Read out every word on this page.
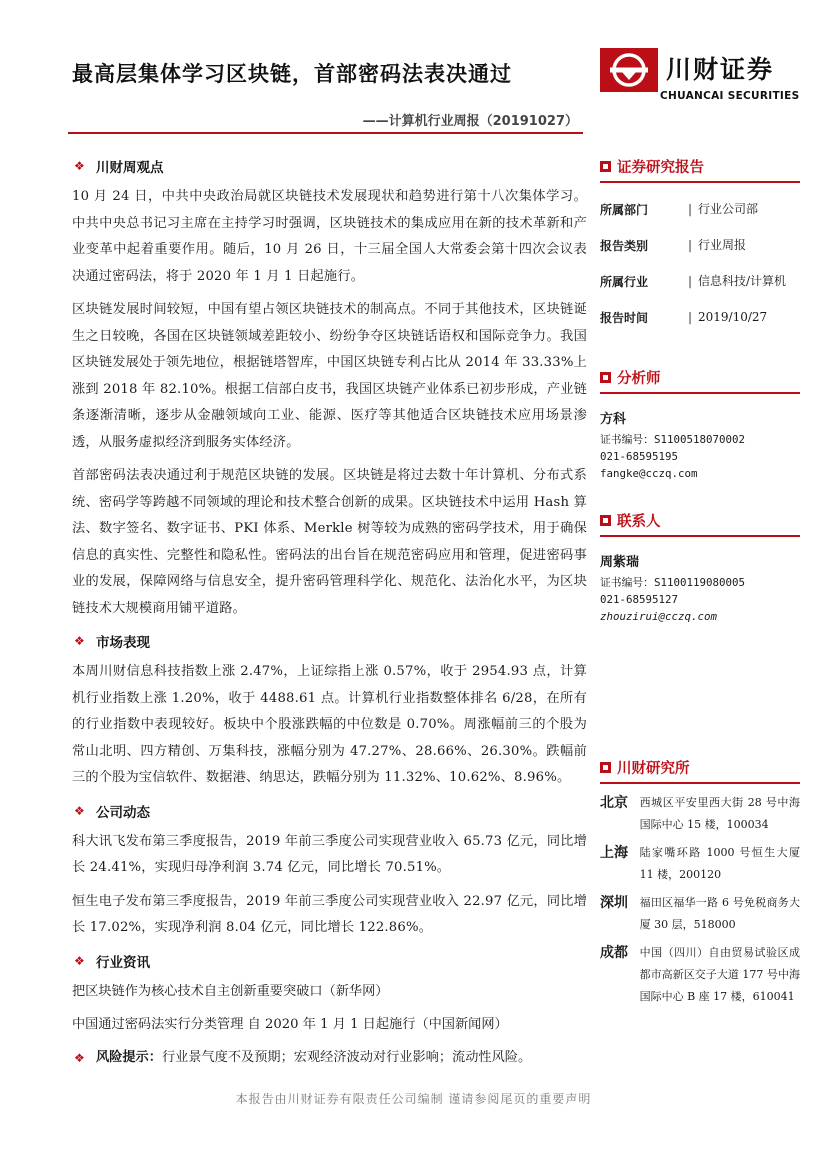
最高层集体学习区块链，首部密码法表决通过
——计算机行业周报（20191027）
川财证券
CHUANCAI SECURITIES
❖ 川财周观点

10 月 24 日，中共中央政治局就区块链技术发展现状和趋势进行第十八次集体学习。中共中央总书记习主席在主持学习时强调，区块链技术的集成应用在新的技术革新和产业变革中起着重要作用。随后，10 月 26 日，十三届全国人大常委会第十四次会议表决通过密码法，将于 2020 年 1 月 1 日起施行。

区块链发展时间较短，中国有望占领区块链技术的制高点。不同于其他技术，区块链诞生之日较晚，各国在区块链领域差距较小、纷纷争夺区块链话语权和国际竞争力。我国区块链发展处于领先地位，根据链塔智库，中国区块链专利占比从 2014 年 33.33%上涨到 2018 年 82.10%。根据工信部白皮书，我国区块链产业体系已初步形成，产业链条逐渐清晰，逐步从金融领域向工业、能源、医疗等其他适合区块链技术应用场景渗透，从服务虚拟经济到服务实体经济。

首部密码法表决通过利于规范区块链的发展。区块链是将过去数十年计算机、分布式系统、密码学等跨越不同领域的理论和技术整合创新的成果。区块链技术中运用 Hash 算法、数字签名、数字证书、PKI 体系、Merkle 树等较为成熟的密码学技术，用于确保信息的真实性、完整性和隐私性。密码法的出台旨在规范密码应用和管理，促进密码事业的发展，保障网络与信息安全，提升密码管理科学化、规范化、法治化水平，为区块链技术大规模商用铺平道路。

❖ 市场表现

本周川财信息科技指数上涨 2.47%，上证综指上涨 0.57%，收于 2954.93 点，计算机行业指数上涨 1.20%，收于 4488.61 点。计算机行业指数整体排名 6/28，在所有的行业指数中表现较好。板块中个股涨跌幅的中位数是 0.70%。周涨幅前三的个股为常山北明、四方精创、万集科技，涨幅分别为 47.27%、28.66%、26.30%。跌幅前三的个股为宝信软件、数据港、纳思达，跌幅分别为 11.32%、10.62%、8.96%。

❖ 公司动态

科大讯飞发布第三季度报告，2019 年前三季度公司实现营业收入 65.73 亿元，同比增长 24.41%，实现归母净利润 3.74 亿元，同比增长 70.51%。

恒生电子发布第三季度报告，2019 年前三季度公司实现营业收入 22.97 亿元，同比增长 17.02%，实现净利润 8.04 亿元，同比增长 122.86%。

❖ 行业资讯

把区块链作为核心技术自主创新重要突破口（新华网）

中国通过密码法实行分类管理 自 2020 年 1 月 1 日起施行（中国新闻网）

❖ 风险提示： 行业景气度不及预期；宏观经济波动对行业影响；流动性风险。
证券研究报告
所属部门	| 行业公司部
报告类别	| 行业周报
所属行业	| 信息科技/计算机
报告时间	| 2019/10/27
分析师
方科
证书编号：S1100518070002
021-68595195
fangke@cczq.com
联系人
周紫瑞
证书编号：S1100119080005
021-68595127
zhouzirui@cczq.com
川财研究所
北京	西城区平安里西大街 28 号中海国际中心 15 楼，100034
上海	陆家嘴环路 1000 号恒生大厦 11 楼，200120
深圳	福田区福华一路 6 号免税商务大厦 30 层，518000
成都	中国（四川）自由贸易试验区成都市高新区交子大道 177 号中海国际中心 B 座 17 楼，610041
本报告由川财证券有限责任公司编制 谨请参阅尾页的重要声明
